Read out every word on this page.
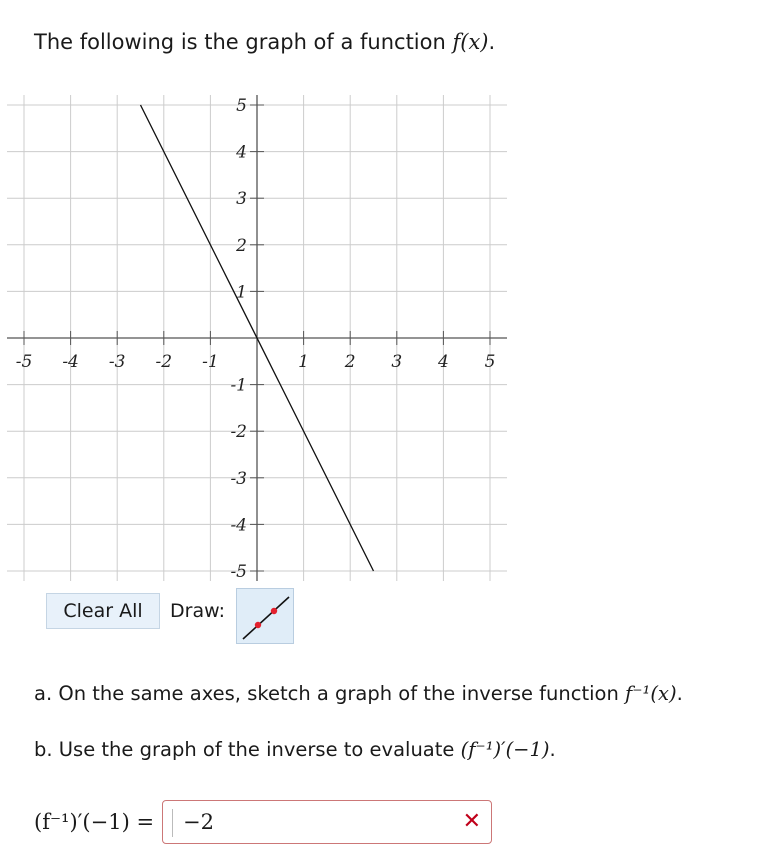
The following is the graph of a function f(x).
-5 -4 -3 -2 -1	1 2 3 4 5
5
4
3
2
1
-1
-2
-3
-4
-5
Clear All	Draw:
a. On the same axes, sketch a graph of the inverse function f⁻¹(x).
b. Use the graph of the inverse to evaluate (f⁻¹)′(−1).
(f⁻¹)′(−1) = −2	✕
